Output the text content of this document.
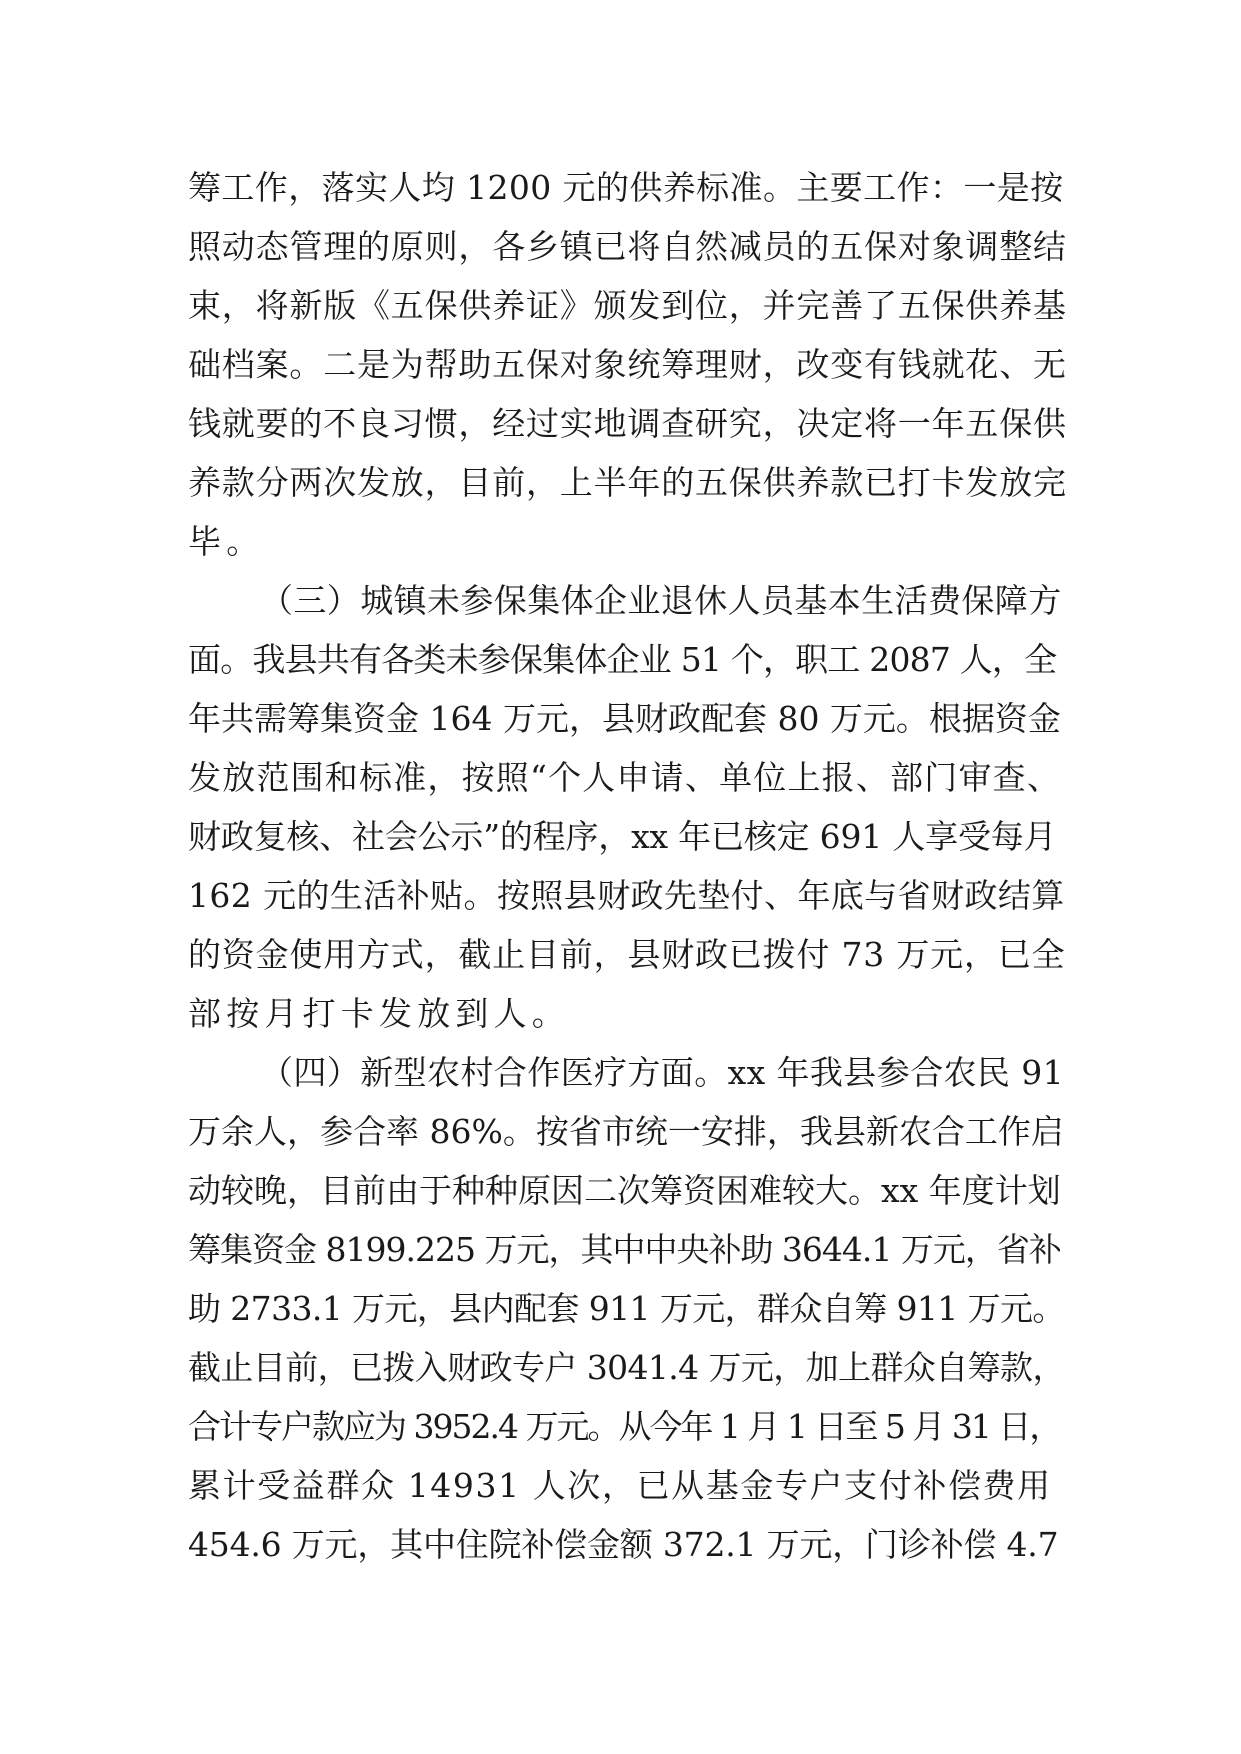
筹工作，落实人均 1200 元的供养标准。主要工作：一是按
照动态管理的原则，各乡镇已将自然减员的五保对象调整结
束，将新版《五保供养证》颁发到位，并完善了五保供养基
础档案。二是为帮助五保对象统筹理财，改变有钱就花、无
钱就要的不良习惯，经过实地调查研究，决定将一年五保供
养款分两次发放，目前，上半年的五保供养款已打卡发放完
毕。
（三）城镇未参保集体企业退休人员基本生活费保障方
面。我县共有各类未参保集体企业 51 个，职工 2087 人，全
年共需筹集资金 164 万元，县财政配套 80 万元。根据资金
发放范围和标准，按照“个人申请、单位上报、部门审查、
财政复核、社会公示”的程序，xx 年已核定 691 人享受每月
162 元的生活补贴。按照县财政先垫付、年底与省财政结算
的资金使用方式，截止目前，县财政已拨付 73 万元，已全
部按月打卡发放到人。
（四）新型农村合作医疗方面。xx 年我县参合农民 91
万余人，参合率 86%。按省市统一安排，我县新农合工作启
动较晚，目前由于种种原因二次筹资困难较大。xx 年度计划
筹集资金 8199.225 万元，其中中央补助 3644.1 万元，省补
助 2733.1 万元，县内配套 911 万元，群众自筹 911 万元。
截止目前，已拨入财政专户 3041.4 万元，加上群众自筹款，
合计专户款应为 3952.4 万元。从今年 1 月 1 日至 5 月 31 日，
累计受益群众 14931 人次，已从基金专户支付补偿费用
454.6 万元，其中住院补偿金额 372.1 万元，门诊补偿 4.7
